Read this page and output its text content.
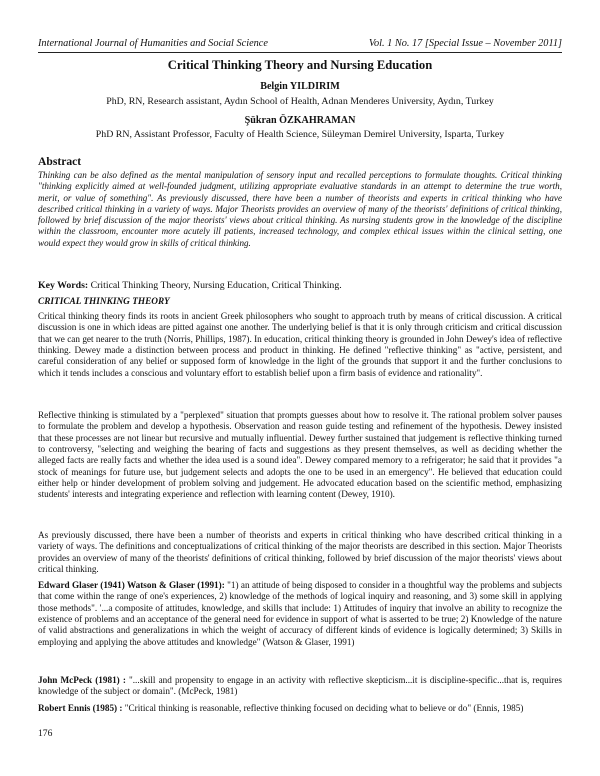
International Journal of Humanities and Social Science	Vol. 1 No. 17 [Special Issue – November 2011]
Critical Thinking Theory and Nursing Education
Belgin YILDIRIM
PhD, RN, Research assistant, Aydın School of Health, Adnan Menderes University, Aydın, Turkey
Şükran ÖZKAHRAMAN
PhD RN, Assistant Professor, Faculty of Health Science, Süleyman Demirel University, Isparta, Turkey
Abstract
Thinking can be also defined as the mental manipulation of sensory input and recalled perceptions to formulate thoughts. Critical thinking "thinking explicitly aimed at well-founded judgment, utilizing appropriate evaluative standards in an attempt to determine the true worth, merit, or value of something". As previously discussed, there have been a number of theorists and experts in critical thinking who have described critical thinking in a variety of ways. Major Theorists provides an overview of many of the theorists' definitions of critical thinking, followed by brief discussion of the major theorists' views about critical thinking. As nursing students grow in the knowledge of the discipline within the classroom, encounter more acutely ill patients, increased technology, and complex ethical issues within the clinical setting, one would expect they would grow in skills of critical thinking.
Key Words: Critical Thinking Theory, Nursing Education, Critical Thinking.
CRITICAL THINKING THEORY
Critical thinking theory finds its roots in ancient Greek philosophers who sought to approach truth by means of critical discussion. A critical discussion is one in which ideas are pitted against one another. The underlying belief is that it is only through criticism and critical discussion that we can get nearer to the truth (Norris, Phillips, 1987). In education, critical thinking theory is grounded in John Dewey's idea of reflective thinking. Dewey made a distinction between process and product in thinking. He defined "reflective thinking" as "active, persistent, and careful consideration of any belief or supposed form of knowledge in the light of the grounds that support it and the further conclusions to which it tends includes a conscious and voluntary effort to establish belief upon a firm basis of evidence and rationality".
Reflective thinking is stimulated by a "perplexed" situation that prompts guesses about how to resolve it. The rational problem solver pauses to formulate the problem and develop a hypothesis. Observation and reason guide testing and refinement of the hypothesis. Dewey insisted that these processes are not linear but recursive and mutually influential. Dewey further sustained that judgement is reflective thinking turned to controversy, "selecting and weighing the bearing of facts and suggestions as they present themselves, as well as deciding whether the alleged facts are really facts and whether the idea used is a sound idea". Dewey compared memory to a refrigerator; he said that it provides "a stock of meanings for future use, but judgement selects and adopts the one to be used in an emergency". He believed that education could either help or hinder development of problem solving and judgement. He advocated education based on the scientific method, emphasizing students' interests and integrating experience and reflection with learning content (Dewey, 1910).
As previously discussed, there have been a number of theorists and experts in critical thinking who have described critical thinking in a variety of ways. The definitions and conceptualizations of critical thinking of the major theorists are described in this section. Major Theorists provides an overview of many of the theorists' definitions of critical thinking, followed by brief discussion of the major theorists' views about critical thinking.
Edward Glaser (1941) Watson & Glaser (1991): "1) an attitude of being disposed to consider in a thoughtful way the problems and subjects that come within the range of one's experiences, 2) knowledge of the methods of logical inquiry and reasoning, and 3) some skill in applying those methods". '...a composite of attitudes, knowledge, and skills that include: 1) Attitudes of inquiry that involve an ability to recognize the existence of problems and an acceptance of the general need for evidence in support of what is asserted to be true; 2) Knowledge of the nature of valid abstractions and generalizations in which the weight of accuracy of different kinds of evidence is logically determined; 3) Skills in employing and applying the above attitudes and knowledge" (Watson & Glaser, 1991)
John McPeck (1981) : "...skill and propensity to engage in an activity with reflective skepticism...it is discipline-specific...that is, requires knowledge of the subject or domain". (McPeck, 1981)
Robert Ennis (1985) : "Critical thinking is reasonable, reflective thinking focused on deciding what to believe or do" (Ennis, 1985)
176
